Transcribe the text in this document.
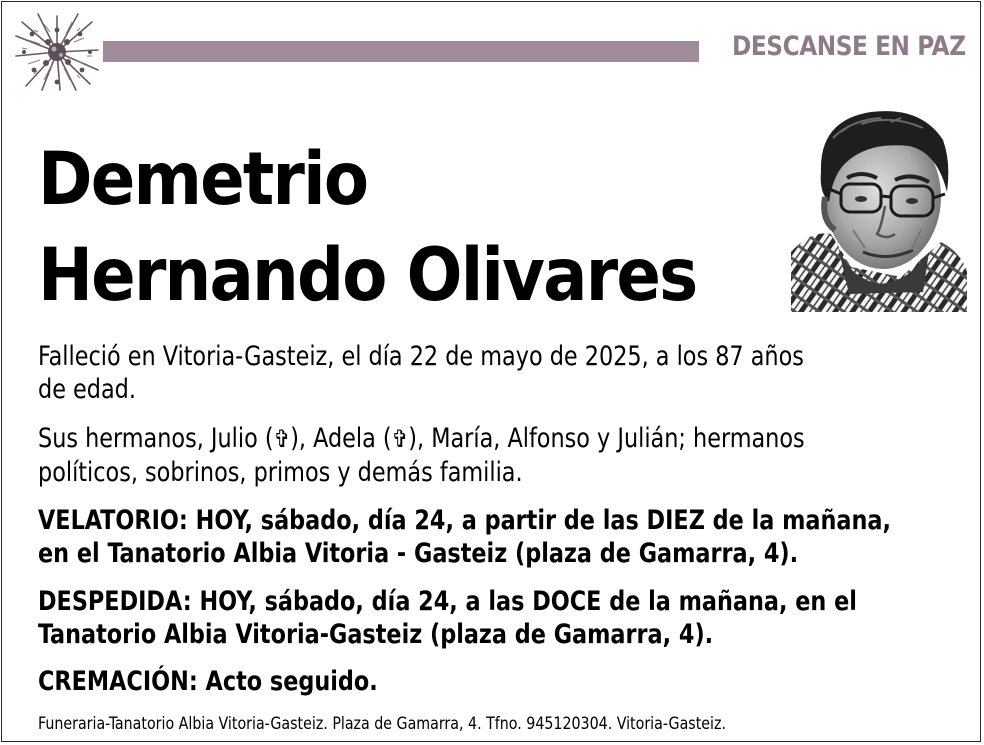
DESCANSE EN PAZ
Demetrio
Hernando Olivares
Falleció en Vitoria-Gasteiz, el día 22 de mayo de 2025, a los 87 años
de edad.
Sus hermanos, Julio (✞), Adela (✞), María, Alfonso y Julián; hermanos
políticos, sobrinos, primos y demás familia.
VELATORIO: HOY, sábado, día 24, a partir de las DIEZ de la mañana,
en el Tanatorio Albia Vitoria - Gasteiz (plaza de Gamarra, 4).
DESPEDIDA: HOY, sábado, día 24, a las DOCE de la mañana, en el
Tanatorio Albia Vitoria-Gasteiz (plaza de Gamarra, 4).
CREMACIÓN: Acto seguido.
Funeraria-Tanatorio Albia Vitoria-Gasteiz. Plaza de Gamarra, 4. Tfno. 945120304. Vitoria-Gasteiz.
